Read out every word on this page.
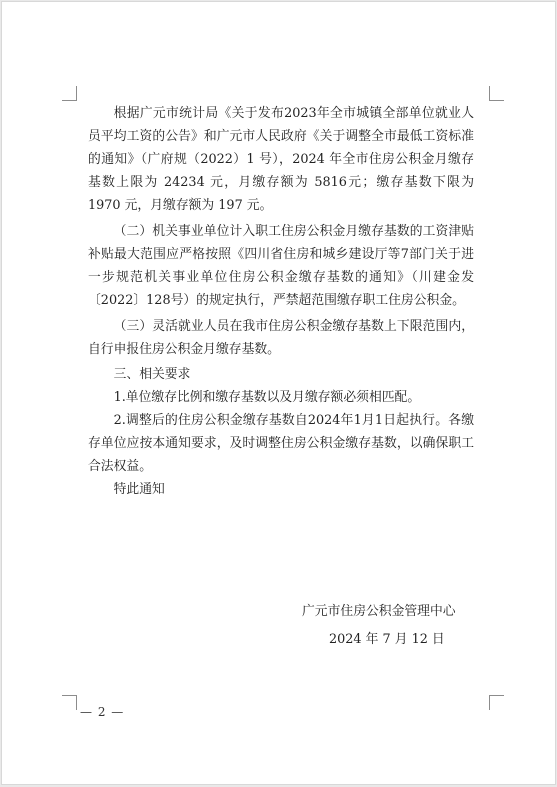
根据广元市统计局《关于发布2023年全市城镇全部单位就业人员平均工资的公告》和广元市人民政府《关于调整全市最低工资标准的通知》（广府规（2022）1 号），2024 年全市住房公积金月缴存基数上限为 24234 元，月缴存额为 5816元；缴存基数下限为 1970 元，月缴存额为 197 元。

（二）机关事业单位计入职工住房公积金月缴存基数的工资津贴补贴最大范围应严格按照《四川省住房和城乡建设厅等7部门关于进一步规范机关事业单位住房公积金缴存基数的通知》（川建金发〔2022〕128号）的规定执行，严禁超范围缴存职工住房公积金。

（三）灵活就业人员在我市住房公积金缴存基数上下限范围内，自行申报住房公积金月缴存基数。

三、相关要求

1.单位缴存比例和缴存基数以及月缴存额必须相匹配。

2.调整后的住房公积金缴存基数自2024年1月1日起执行。各缴存单位应按本通知要求，及时调整住房公积金缴存基数，以确保职工合法权益。

特此通知

广元市住房公积金管理中心
2024 年 7 月 12 日
— 2 —
